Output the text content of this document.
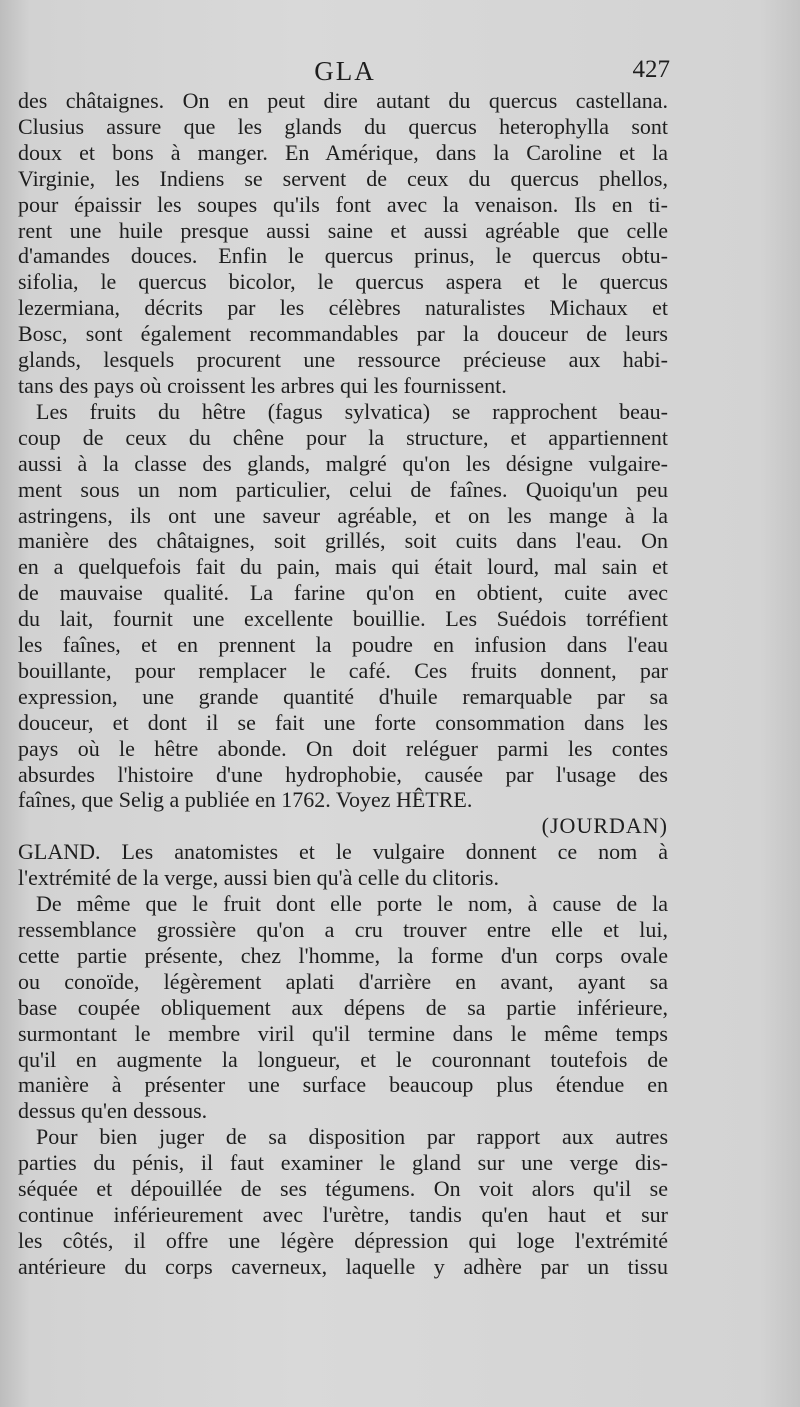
GLA	427
des châtaignes. On en peut dire autant du quercus castellana.
Clusius assure que les glands du quercus heterophylla sont
doux et bons à manger. En Amérique, dans la Caroline et la
Virginie, les Indiens se servent de ceux du quercus phellos,
pour épaissir les soupes qu'ils font avec la venaison. Ils en ti-
rent une huile presque aussi saine et aussi agréable que celle
d'amandes douces. Enfin le quercus prinus, le quercus obtu-
sifolia, le quercus bicolor, le quercus aspera et le quercus
lezermiana, décrits par les célèbres naturalistes Michaux et
Bosc, sont également recommandables par la douceur de leurs
glands, lesquels procurent une ressource précieuse aux habi-
tans des pays où croissent les arbres qui les fournissent.
Les fruits du hêtre (fagus sylvatica) se rapprochent beau-
coup de ceux du chêne pour la structure, et appartiennent
aussi à la classe des glands, malgré qu'on les désigne vulgaire-
ment sous un nom particulier, celui de faînes. Quoiqu'un peu
astringens, ils ont une saveur agréable, et on les mange à la
manière des châtaignes, soit grillés, soit cuits dans l'eau. On
en a quelquefois fait du pain, mais qui était lourd, mal sain et
de mauvaise qualité. La farine qu'on en obtient, cuite avec
du lait, fournit une excellente bouillie. Les Suédois torréfient
les faînes, et en prennent la poudre en infusion dans l'eau
bouillante, pour remplacer le café. Ces fruits donnent, par
expression, une grande quantité d'huile remarquable par sa
douceur, et dont il se fait une forte consommation dans les
pays où le hêtre abonde. On doit reléguer parmi les contes
absurdes l'histoire d'une hydrophobie, causée par l'usage des
faînes, que Selig a publiée en 1762. Voyez HÊTRE.
(JOURDAN)
GLAND. Les anatomistes et le vulgaire donnent ce nom à
l'extrémité de la verge, aussi bien qu'à celle du clitoris.
De même que le fruit dont elle porte le nom, à cause de la
ressemblance grossière qu'on a cru trouver entre elle et lui,
cette partie présente, chez l'homme, la forme d'un corps ovale
ou conoïde, légèrement aplati d'arrière en avant, ayant sa
base coupée obliquement aux dépens de sa partie inférieure,
surmontant le membre viril qu'il termine dans le même temps
qu'il en augmente la longueur, et le couronnant toutefois de
manière à présenter une surface beaucoup plus étendue en
dessus qu'en dessous.
Pour bien juger de sa disposition par rapport aux autres
parties du pénis, il faut examiner le gland sur une verge dis-
séquée et dépouillée de ses tégumens. On voit alors qu'il se
continue inférieurement avec l'urètre, tandis qu'en haut et sur
les côtés, il offre une légère dépression qui loge l'extrémité
antérieure du corps caverneux, laquelle y adhère par un tissu
